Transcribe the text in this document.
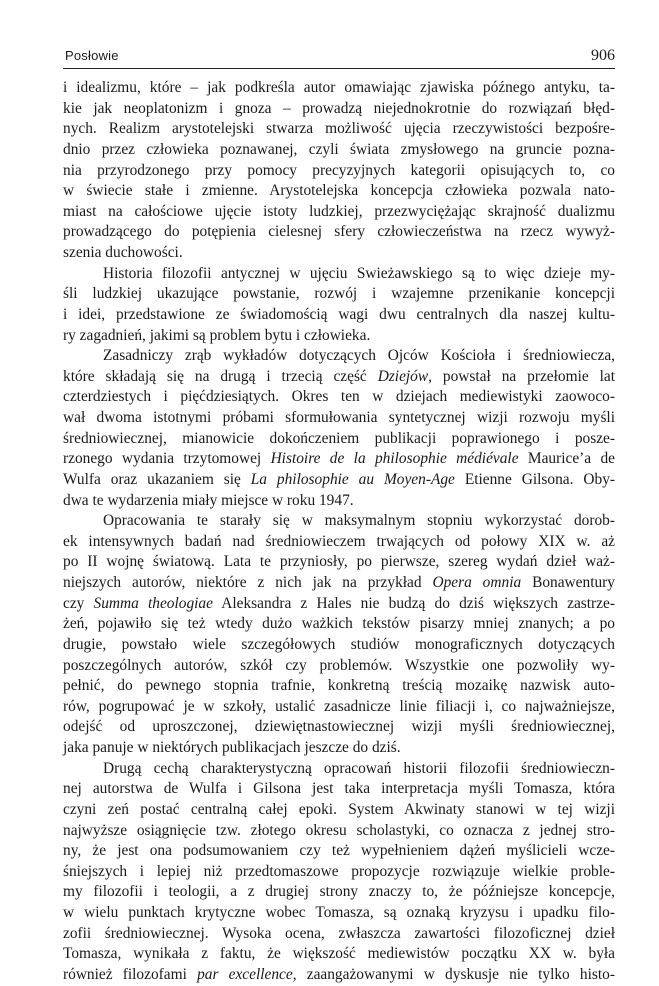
Posłowie	906
i idealizmu, które – jak podkreśla autor omawiając zjawiska późnego antyku, ta-
kie jak neoplatonizm i gnoza – prowadzą niejednokrotnie do rozwiązań błęd-
nych. Realizm arystotelejski stwarza możliwość ujęcia rzeczywistości bezpośre-
dnio przez człowieka poznawanej, czyli świata zmysłowego na gruncie pozna-
nia przyrodzonego przy pomocy precyzyjnych kategorii opisujących to, co
w świecie stałe i zmienne. Arystotelejska koncepcja człowieka pozwala nato-
miast na całościowe ujęcie istoty ludzkiej, przezwyciężając skrajność dualizmu
prowadzącego do potępienia cielesnej sfery człowieczeństwa na rzecz wywyż-
szenia duchowości.
Historia filozofii antycznej w ujęciu Swieżawskiego są to więc dzieje my-
śli ludzkiej ukazujące powstanie, rozwój i wzajemne przenikanie koncepcji
i idei, przedstawione ze świadomością wagi dwu centralnych dla naszej kultu-
ry zagadnień, jakimi są problem bytu i człowieka.
Zasadniczy zrąb wykładów dotyczących Ojców Kościoła i średniowiecza,
które składają się na drugą i trzecią część Dziejów, powstał na przełomie lat
czterdziestych i pięćdziesiątych. Okres ten w dziejach mediewistyki zaowoco-
wał dwoma istotnymi próbami sformułowania syntetycznej wizji rozwoju myśli
średniowiecznej, mianowicie dokończeniem publikacji poprawionego i posze-
rzonego wydania trzytomowej Histoire de la philosophie médiévale Maurice’a de
Wulfa oraz ukazaniem się La philosophie au Moyen-Age Etienne Gilsona. Oby-
dwa te wydarzenia miały miejsce w roku 1947.
Opracowania te starały się w maksymalnym stopniu wykorzystać dorob-
ek intensywnych badań nad średniowieczem trwających od połowy XIX w. aż
po II wojnę światową. Lata te przyniosły, po pierwsze, szereg wydań dzieł waż-
niejszych autorów, niektóre z nich jak na przykład Opera omnia Bonawentury
czy Summa theologiae Aleksandra z Hales nie budzą do dziś większych zastrze-
żeń, pojawiło się też wtedy dużo ważkich tekstów pisarzy mniej znanych; a po
drugie, powstało wiele szczegółowych studiów monograficznych dotyczących
poszczególnych autorów, szkół czy problemów. Wszystkie one pozwoliły wy-
pełnić, do pewnego stopnia trafnie, konkretną treścią mozaikę nazwisk auto-
rów, pogrupować je w szkoły, ustalić zasadnicze linie filiacji i, co najważniejsze,
odejść od uproszczonej, dziewiętnastowiecznej wizji myśli średniowiecznej,
jaka panuje w niektórych publikacjach jeszcze do dziś.
Drugą cechą charakterystyczną opracowań historii filozofii średniowieczn-
nej autorstwa de Wulfa i Gilsona jest taka interpretacja myśli Tomasza, która
czyni zeń postać centralną całej epoki. System Akwinaty stanowi w tej wizji
najwyższe osiągnięcie tzw. złotego okresu scholastyki, co oznacza z jednej stro-
ny, że jest ona podsumowaniem czy też wypełnieniem dążeń myślicieli wcze-
śniejszych i lepiej niż przedtomaszowe propozycje rozwiązuje wielkie proble-
my filozofii i teologii, a z drugiej strony znaczy to, że późniejsze koncepcje,
w wielu punktach krytyczne wobec Tomasza, są oznaką kryzysu i upadku filo-
zofii średniowiecznej. Wysoka ocena, zwłaszcza zawartości filozoficznej dzieł
Tomasza, wynikała z faktu, że większość mediewistów początku XX w. była
również filozofami par excellence, zaangażowanymi w dyskusje nie tylko histo-
